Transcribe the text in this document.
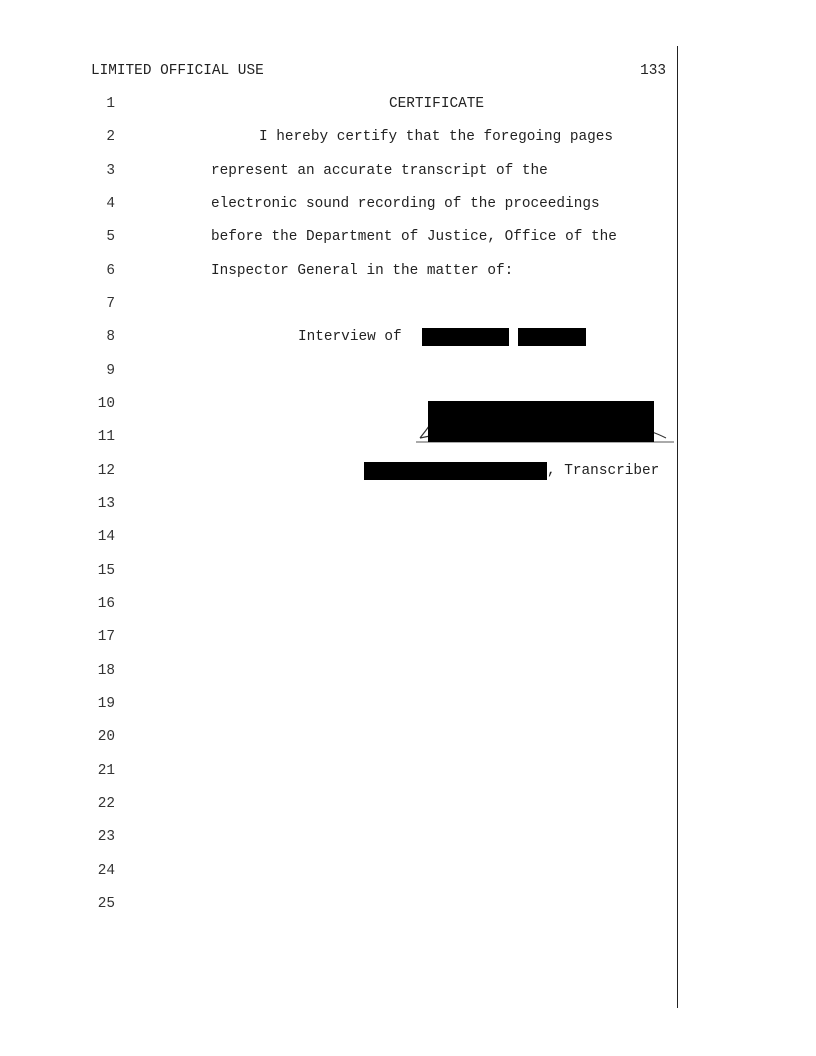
LIMITED OFFICIAL USE	133
1
2
3
4
5
6
7
8
9
10
11
12
13
14
15
16
17
18
19
20
21
22
23
24
25
CERTIFICATE
I hereby certify that the foregoing pages
represent an accurate transcript of the
electronic sound recording of the proceedings
before the Department of Justice, Office of the
Inspector General in the matter of:
Interview of
, Transcriber
